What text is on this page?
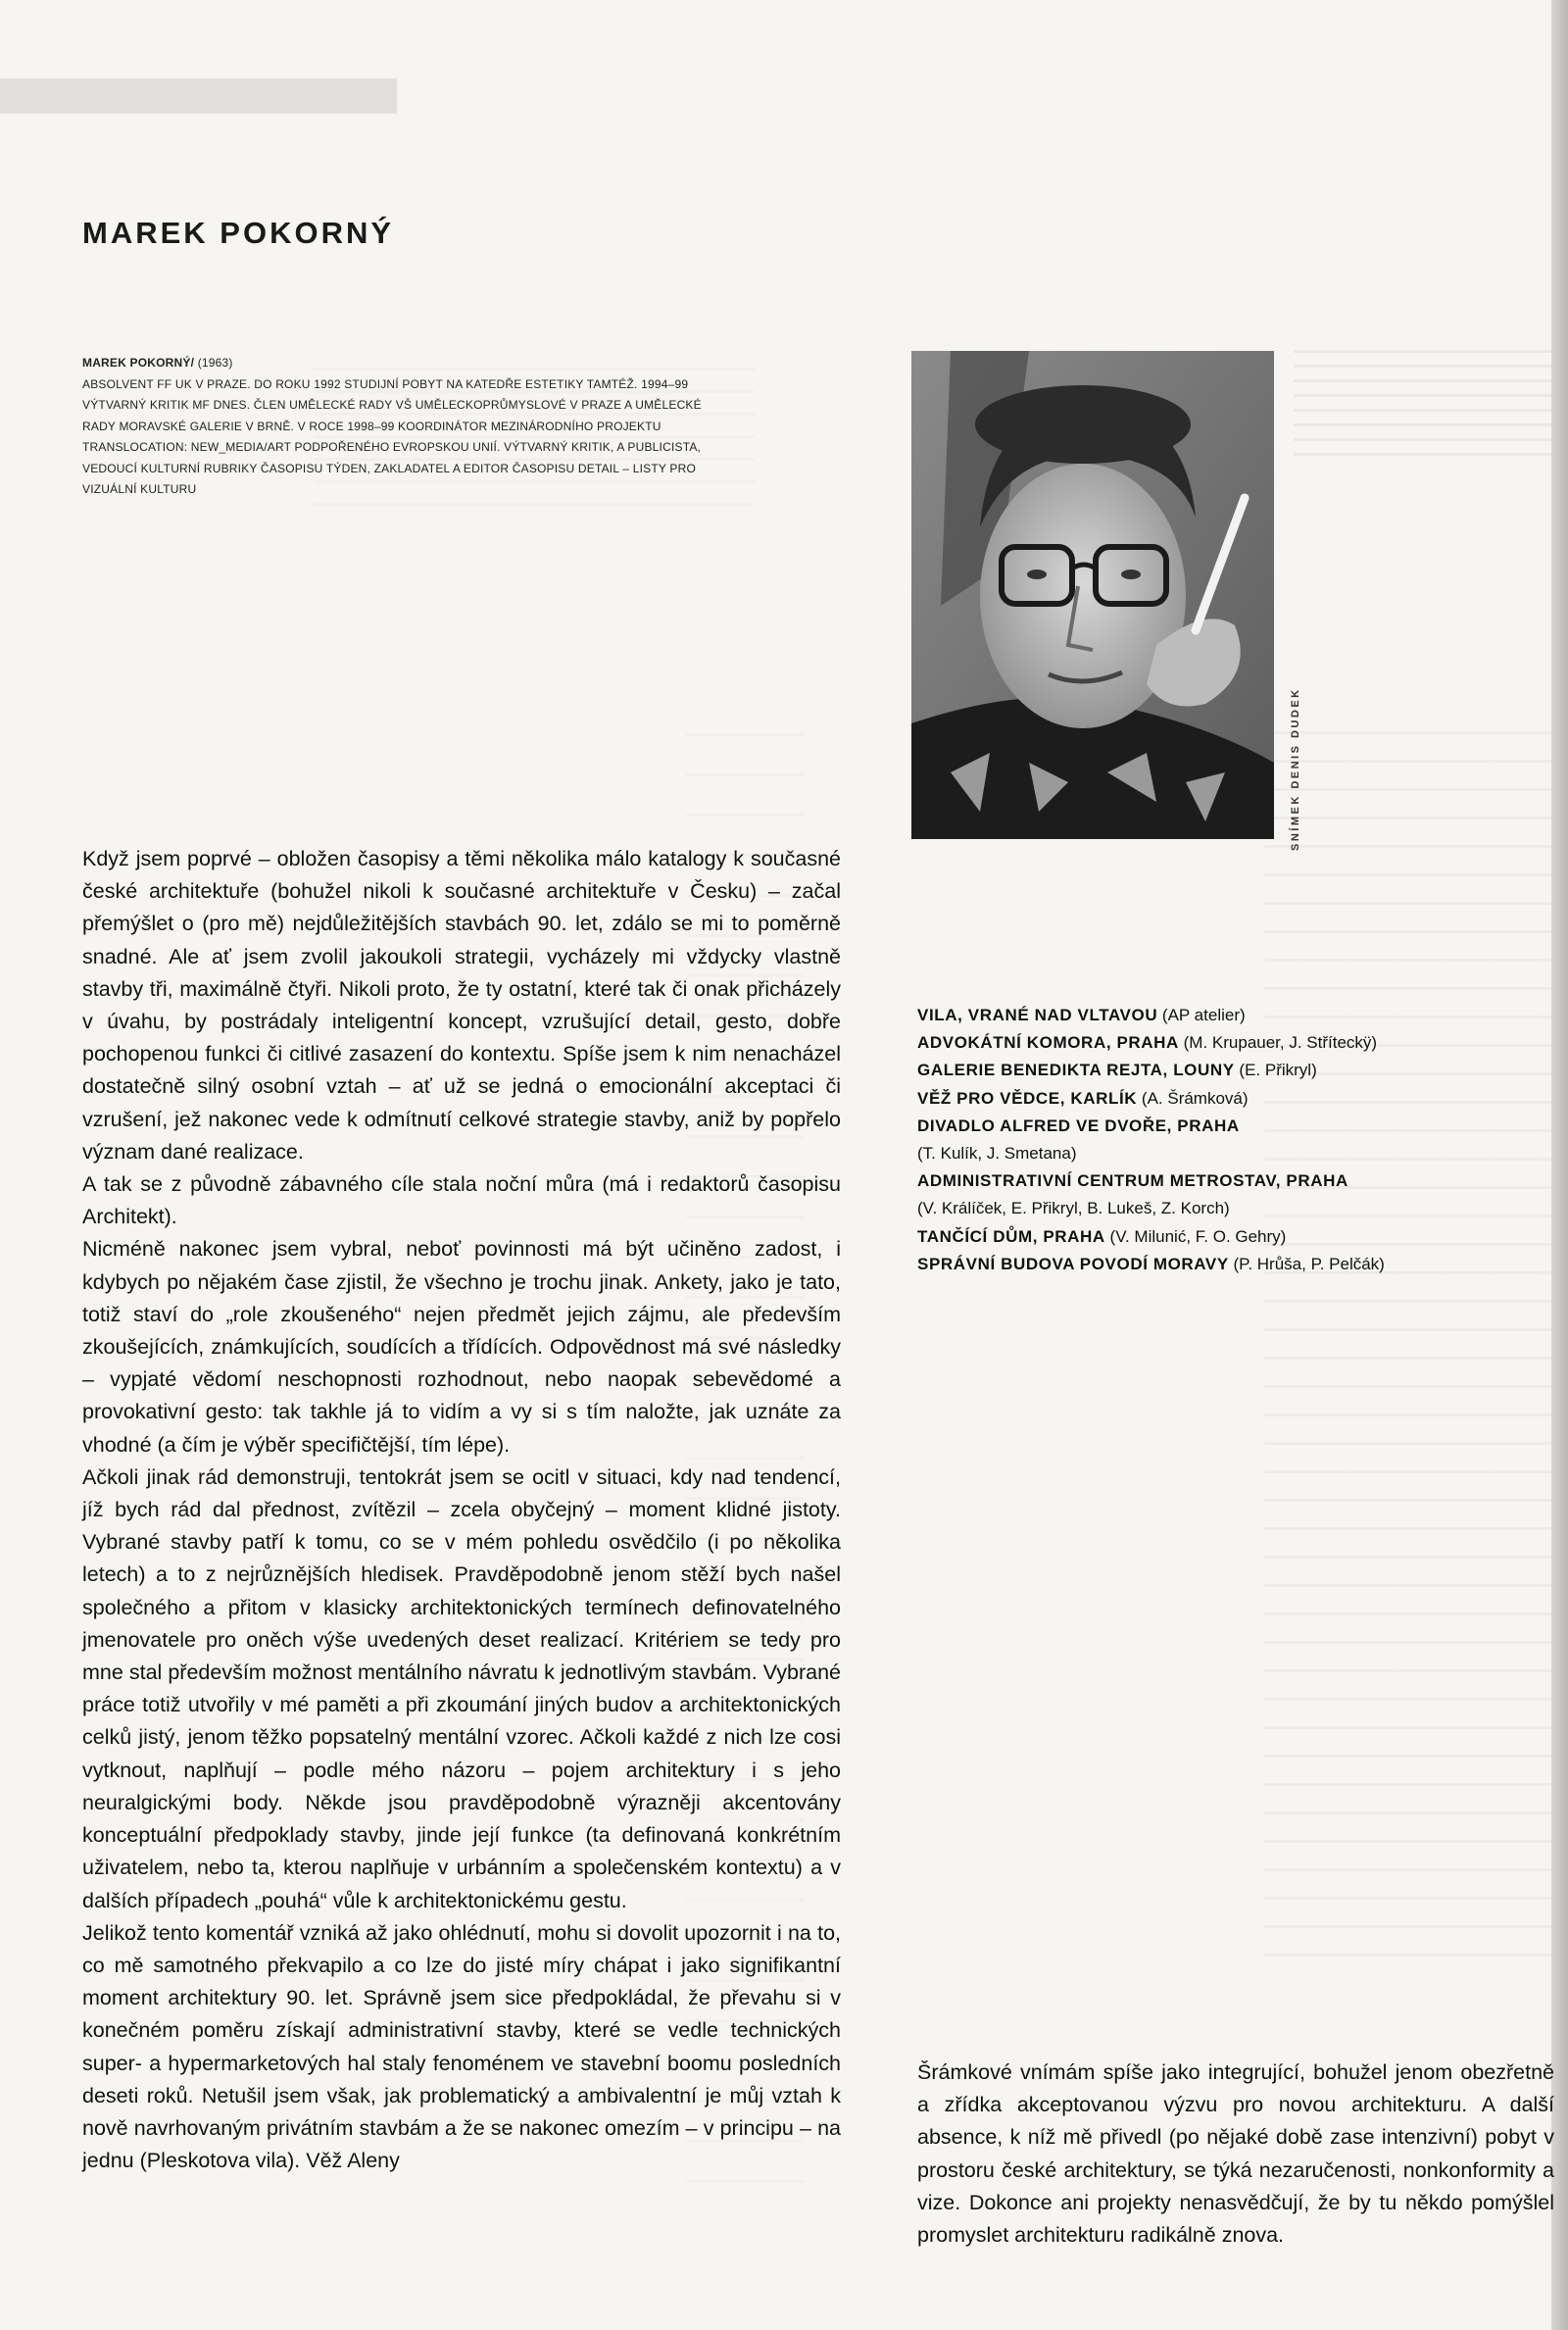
MAREK POKORNÝ
MAREK POKORNÝ/ (1963)
ABSOLVENT FF UK V PRAZE. DO ROKU 1992 STUDIJNÍ POBYT NA KATEDŘE ESTETIKY TAMTÉŽ. 1994–99 VÝTVARNÝ KRITIK MF DNES. ČLEN UMĚLECKÉ RADY VŠ UMĚLECKOPRŮMYSLOVÉ V PRAZE A UMĚLECKÉ RADY MORAVSKÉ GALERIE V BRNĚ. V ROCE 1998–99 KOORDINÁTOR MEZINÁRODNÍHO PROJEKTU TRANSLOCATION: NEW_MEDIA/ART PODPOŘENÉHO EVROPSKOU UNIÍ. VÝTVARNÝ KRITIK, A PUBLICISTA, VEDOUCÍ KULTURNÍ RUBRIKY ČASOPISU TÝDEN, ZAKLADATEL A EDITOR ČASOPISU DETAIL – LISTY PRO VIZUÁLNÍ KULTURU
SNÍMEK DENIS DUDEK

Když jsem poprvé – obložen časopisy a těmi několika málo katalogy k současné české architektuře (bohužel nikoli k současné architektuře v Česku) – začal přemýšlet o (pro mě) nejdůležitějších stavbách 90. let, zdálo se mi to poměrně snadné. Ale ať jsem zvolil jakoukoli strategii, vycházely mi vždycky vlastně stavby tři, maximálně čtyři. Nikoli proto, že ty ostatní, které tak či onak přicházely v úvahu, by postrádaly inteligentní koncept, vzrušující detail, gesto, dobře pochopenou funkci či citlivé zasazení do kontextu. Spíše jsem k nim nenacházel dostatečně silný osobní vztah – ať už se jedná o emocionální akceptaci či vzrušení, jež nakonec vede k odmítnutí celkové strategie stavby, aniž by popřelo význam dané realizace.

A tak se z původně zábavného cíle stala noční můra (má i redaktorů časopisu Architekt).

Nicméně nakonec jsem vybral, neboť povinnosti má být učiněno zadost, i kdybych po nějakém čase zjistil, že všechno je trochu jinak. Ankety, jako je tato, totiž staví do „role zkoušeného“ nejen předmět jejich zájmu, ale především zkoušejících, známkujících, soudících a třídících. Odpovědnost má své následky – vypjaté vědomí neschopnosti rozhodnout, nebo naopak sebevědomé a provokativní gesto: tak takhle já to vidím a vy si s tím naložte, jak uznáte za vhodné (a čím je výběr specifičtější, tím lépe).

Ačkoli jinak rád demonstruji, tentokrát jsem se ocitl v situaci, kdy nad tendencí, jíž bych rád dal přednost, zvítězil – zcela obyčejný – moment klidné jistoty. Vybrané stavby patří k tomu, co se v mém pohledu osvědčilo (i po několika letech) a to z nejrůznějších hledisek. Pravděpodobně jenom stěží bych našel společného a přitom v klasicky architektonických termínech definovatelného jmenovatele pro oněch výše uvedených deset realizací. Kritériem se tedy pro mne stal především možnost mentálního návratu k jednotlivým stavbám. Vybrané práce totiž utvořily v mé paměti a při zkoumání jiných budov a architektonických celků jistý, jenom těžko popsatelný mentální vzorec. Ačkoli každé z nich lze cosi vytknout, naplňují – podle mého názoru – pojem architektury i s jeho neuralgickými body. Někde jsou pravděpodobně výrazněji akcentovány konceptuální předpoklady stavby, jinde její funkce (ta definovaná konkrétním uživatelem, nebo ta, kterou naplňuje v urbánním a společenském kontextu) a v dalších případech „pouhá“ vůle k architektonickému gestu.

Jelikož tento komentář vzniká až jako ohlédnutí, mohu si dovolit upozornit i na to, co mě samotného překvapilo a co lze do jisté míry chápat i jako signifikantní moment architektury 90. let. Správně jsem sice předpokládal, že převahu si v konečném poměru získají administrativní stavby, které se vedle technických super- a hypermarketových hal staly fenoménem ve stavební boomu posledních deseti roků. Netušil jsem však, jak problematický a ambivalentní je můj vztah k nově navrhovaným privátním stavbám a že se nakonec omezím – v principu – na jednu (Pleskotova vila). Věž Aleny

VILA, VRANÉ NAD VLTAVOU (AP atelier)
ADVOKÁTNÍ KOMORA, PRAHA (M. Krupauer, J. Stříteckÿ)
GALERIE BENEDIKTA REJTA, LOUNY (E. Přikryl)
VĚŽ PRO VĚDCE, KARLÍK (A. Šrámková)
DIVADLO ALFRED VE DVOŘE, PRAHA
(T. Kulík, J. Smetana)
ADMINISTRATIVNÍ CENTRUM METROSTAV, PRAHA
(V. Králíček, E. Přikryl, B. Lukeš, Z. Korch)
TANČÍCÍ DŮM, PRAHA (V. Milunić, F. O. Gehry)
SPRÁVNÍ BUDOVA POVODÍ MORAVY (P. Hrůša, P. Pelčák)

Šrámkové vnímám spíše jako integrující, bohužel jenom obezřetně a zřídka akceptovanou výzvu pro novou architekturu. A další absence, k níž mě přivedl (po nějaké době zase intenzivní) pobyt v prostoru české architektury, se týká nezaručenosti, nonkonformity a vize. Dokonce ani projekty nenasvědčují, že by tu někdo pomýšlel promyslet architekturu radikálně znova.
